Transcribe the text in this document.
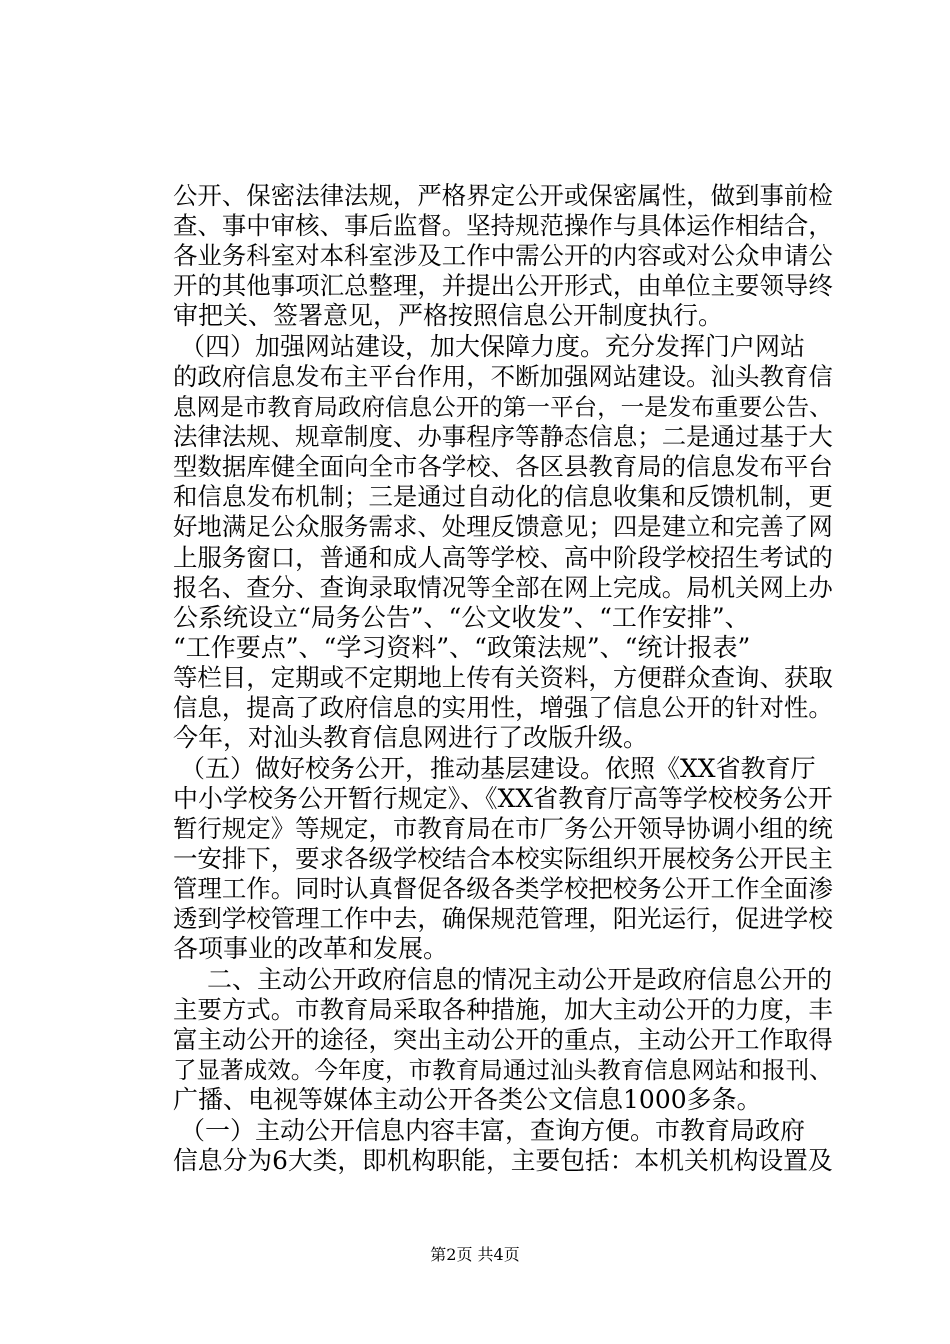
公开、保密法律法规，严格界定公开或保密属性，做到事前检
查、事中审核、事后监督。坚持规范操作与具体运作相结合，
各业务科室对本科室涉及工作中需公开的内容或对公众申请公
开的其他事项汇总整理，并提出公开形式，由单位主要领导终
审把关、签署意见，严格按照信息公开制度执行。
（四）加强网站建设，加大保障力度。充分发挥门户网站
的政府信息发布主平台作用，不断加强网站建设。汕头教育信
息网是市教育局政府信息公开的第一平台，一是发布重要公告、
法律法规、规章制度、办事程序等静态信息；二是通过基于大
型数据库健全面向全市各学校、各区县教育局的信息发布平台
和信息发布机制；三是通过自动化的信息收集和反馈机制，更
好地满足公众服务需求、处理反馈意见；四是建立和完善了网
上服务窗口，普通和成人高等学校、高中阶段学校招生考试的
报名、查分、查询录取情况等全部在网上完成。局机关网上办
公系统设立“局务公告”、“公文收发”、“工作安排”、
“工作要点”、“学习资料”、“政策法规”、“统计报表”
等栏目，定期或不定期地上传有关资料，方便群众查询、获取
信息，提高了政府信息的实用性，增强了信息公开的针对性。
今年，对汕头教育信息网进行了改版升级。
（五）做好校务公开，推动基层建设。依照《XX省教育厅
中小学校务公开暂行规定》、《XX省教育厅高等学校校务公开
暂行规定》等规定，市教育局在市厂务公开领导协调小组的统
一安排下，要求各级学校结合本校实际组织开展校务公开民主
管理工作。同时认真督促各级各类学校把校务公开工作全面渗
透到学校管理工作中去，确保规范管理，阳光运行，促进学校
各项事业的改革和发展。
二、主动公开政府信息的情况主动公开是政府信息公开的
主要方式。市教育局采取各种措施，加大主动公开的力度，丰
富主动公开的途径，突出主动公开的重点，主动公开工作取得
了显著成效。今年度，市教育局通过汕头教育信息网站和报刊、
广播、电视等媒体主动公开各类公文信息1000多条。
（一）主动公开信息内容丰富，查询方便。市教育局政府
信息分为6大类，即机构职能，主要包括：本机关机构设置及
第2页 共4页
